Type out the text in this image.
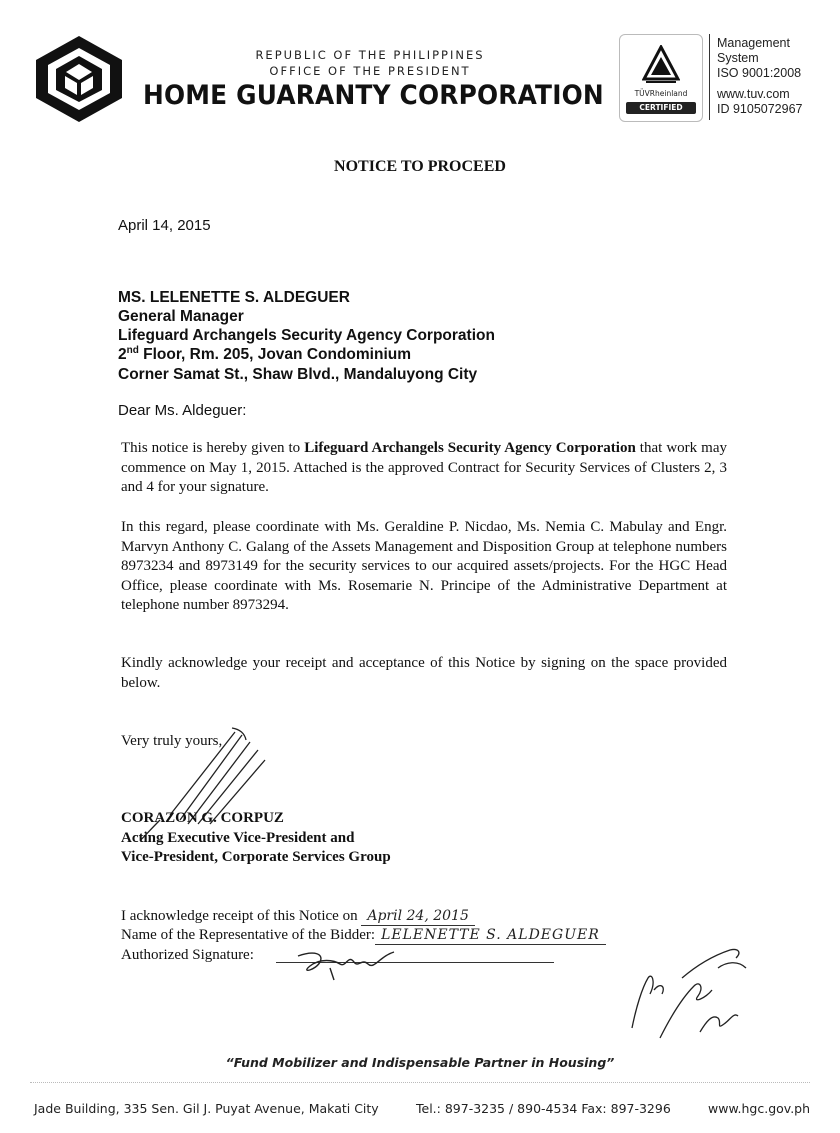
REPUBLIC OF THE PHILIPPINES
OFFICE OF THE PRESIDENT
HOME GUARANTY CORPORATION	TÜVRheinland
CERTIFIED
Management
System
ISO 9001:2008
www.tuv.com
ID 9105072967
NOTICE TO PROCEED
April 14, 2015
MS. LELENETTE S. ALDEGUER
General Manager
Lifeguard Archangels Security Agency Corporation
2nd Floor, Rm. 205, Jovan Condominium
Corner Samat St., Shaw Blvd., Mandaluyong City
Dear Ms. Aldeguer:
This notice is hereby given to Lifeguard Archangels Security Agency Corporation that work may commence on May 1, 2015. Attached is the approved Contract for Security Services of Clusters 2, 3 and 4 for your signature.
In this regard, please coordinate with Ms. Geraldine P. Nicdao, Ms. Nemia C. Mabulay and Engr. Marvyn Anthony C. Galang of the Assets Management and Disposition Group at telephone numbers 8973234 and 8973149 for the security services to our acquired assets/projects. For the HGC Head Office, please coordinate with Ms. Rosemarie N. Principe of the Administrative Department at telephone number 8973294.
Kindly acknowledge your receipt and acceptance of this Notice by signing on the space provided below.
Very truly yours,
CORAZON G. CORPUZ
Acting Executive Vice-President and
Vice-President, Corporate Services Group
I acknowledge receipt of this Notice on April 24, 2015
Name of the Representative of the Bidder: LELENETTE S. ALDEGUER
Authorized Signature:
“Fund Mobilizer and Indispensable Partner in Housing”
Jade Building, 335 Sen. Gil J. Puyat Avenue, Makati City	Tel.: 897-3235 / 890-4534 Fax: 897-3296	www.hgc.gov.ph
